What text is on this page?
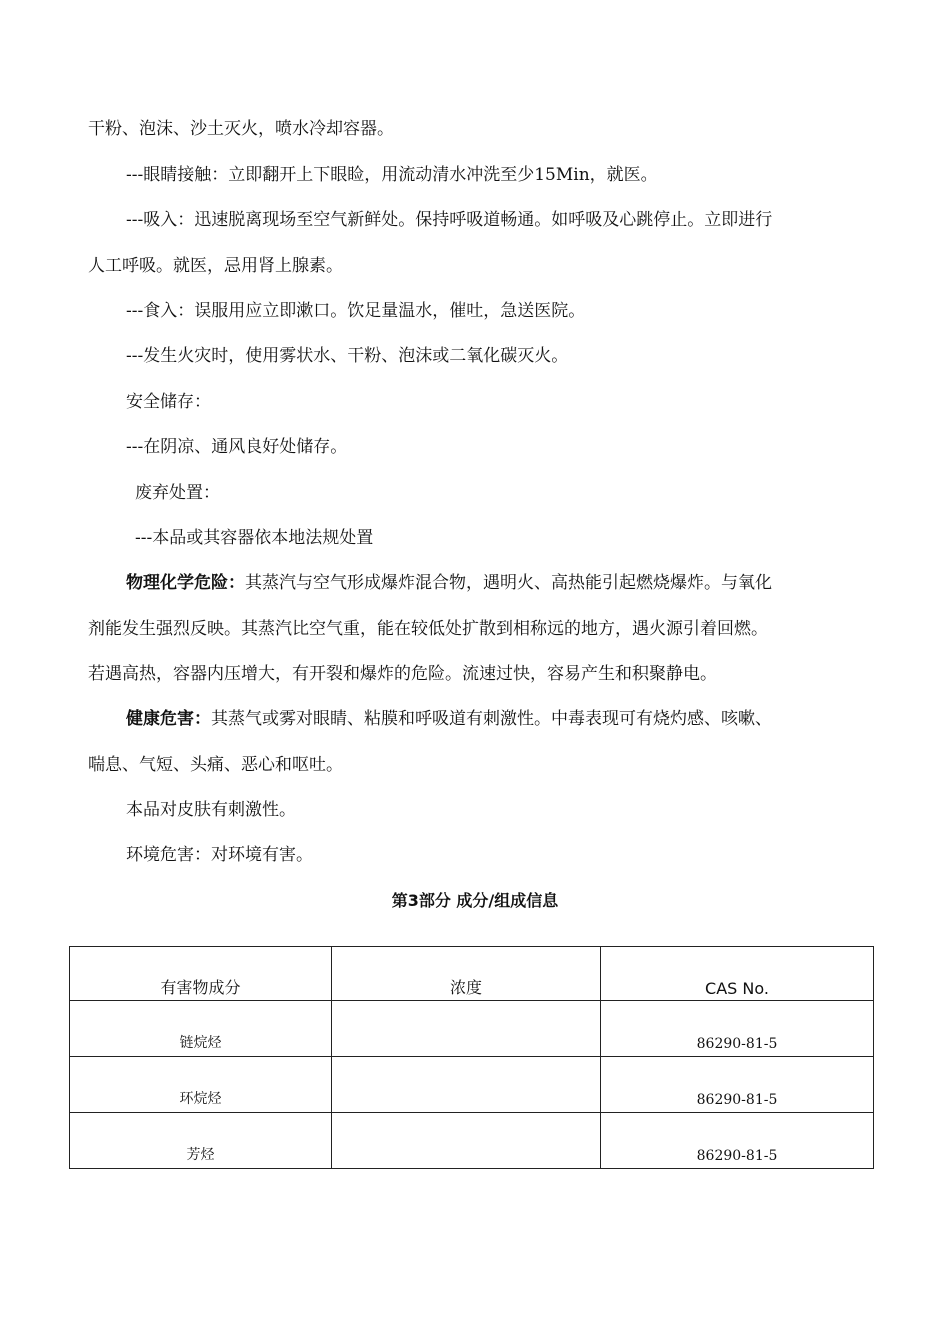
干粉、泡沫、沙土灭火，喷水冷却容器。
---眼睛接触：立即翻开上下眼睑，用流动清水冲洗至少15Min，就医。
---吸入：迅速脱离现场至空气新鲜处。保持呼吸道畅通。如呼吸及心跳停止。立即进行
人工呼吸。就医，忌用肾上腺素。
---食入：误服用应立即漱口。饮足量温水，催吐，急送医院。
---发生火灾时，使用雾状水、干粉、泡沫或二氧化碳灭火。
安全储存：
---在阴凉、通风良好处储存。
废弃处置：
---本品或其容器依本地法规处置
物理化学危险：其蒸汽与空气形成爆炸混合物，遇明火、高热能引起燃烧爆炸。与氧化
剂能发生强烈反映。其蒸汽比空气重，能在较低处扩散到相称远的地方，遇火源引着回燃。
若遇高热，容器内压增大，有开裂和爆炸的危险。流速过快，容易产生和积聚静电。
健康危害：其蒸气或雾对眼睛、粘膜和呼吸道有刺激性。中毒表现可有烧灼感、咳嗽、
喘息、气短、头痛、恶心和呕吐。
本品对皮肤有刺激性。
环境危害：对环境有害。
第3部分 成分/组成信息
有害物成分	浓度	CAS No.
链烷烃		86290-81-5
环烷烃		86290-81-5
芳烃		86290-81-5
